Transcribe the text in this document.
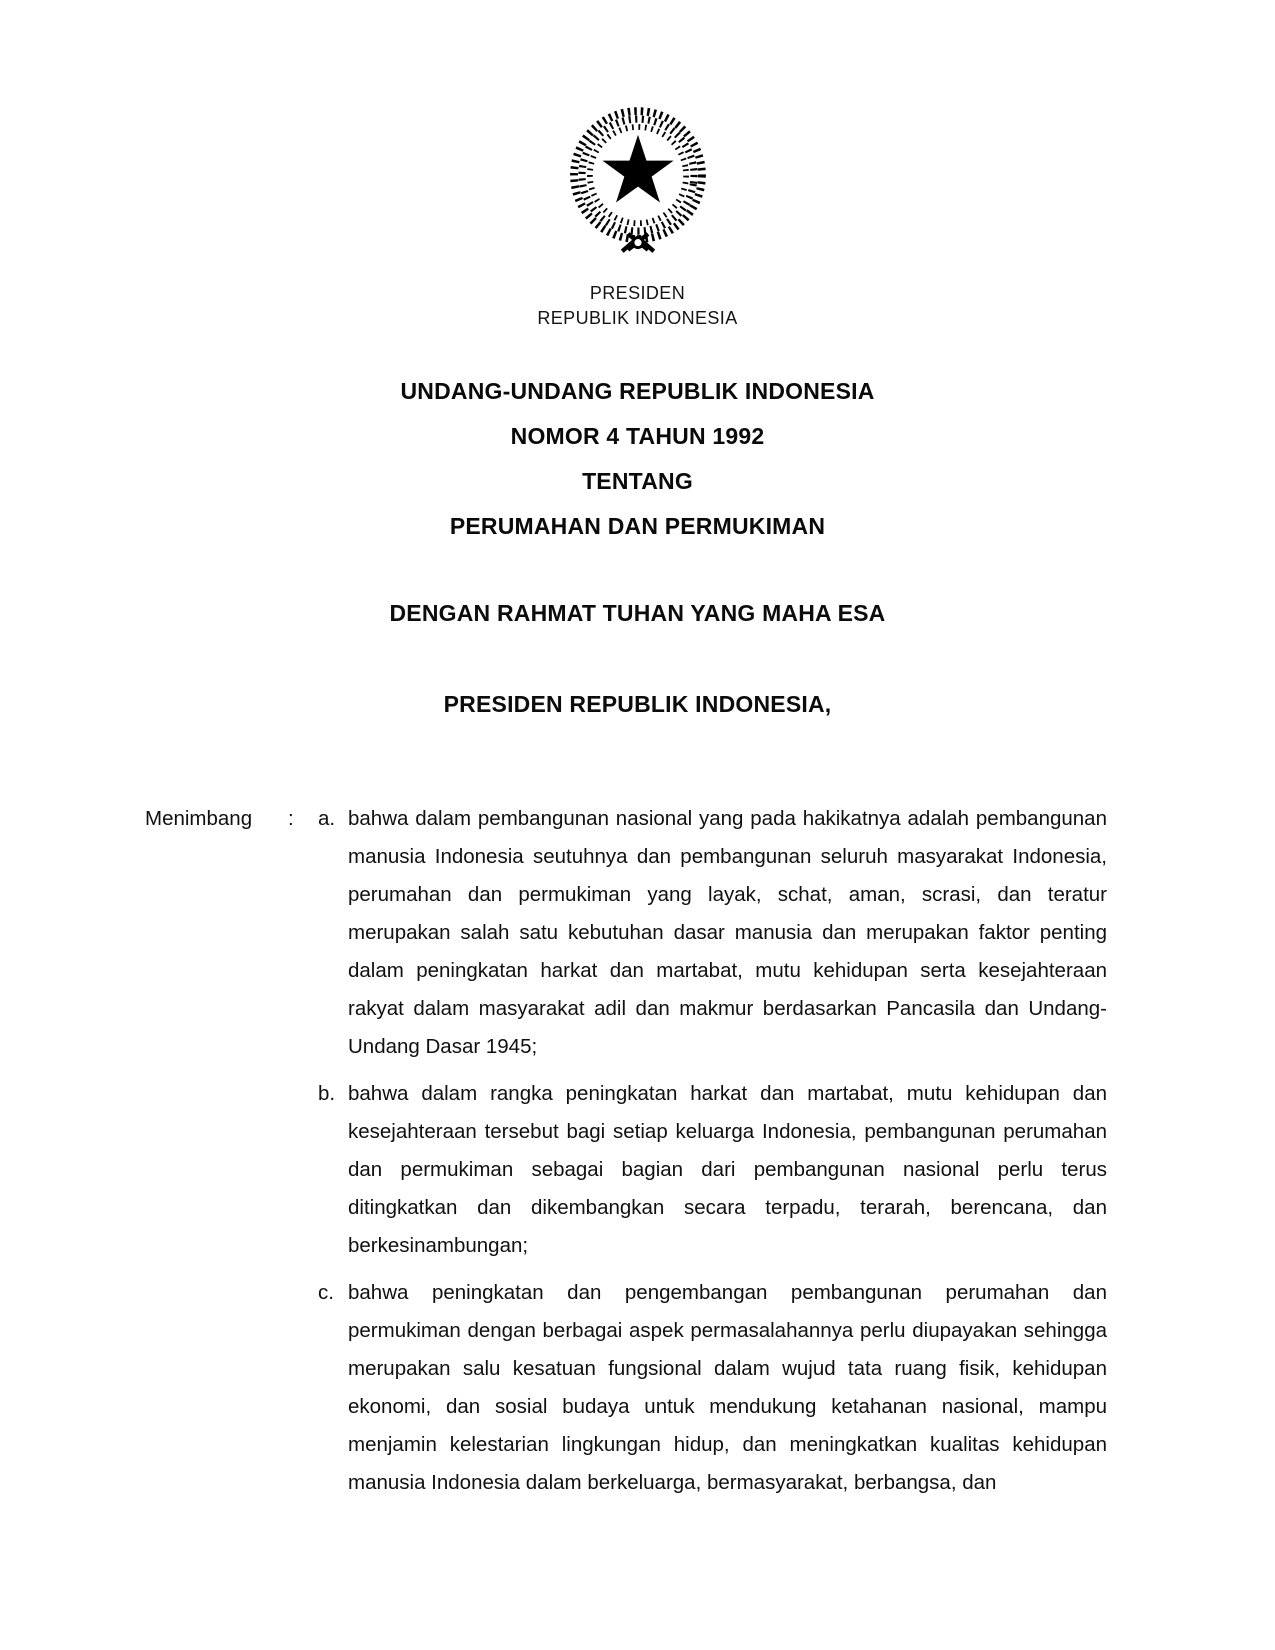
PRESIDEN
REPUBLIK INDONESIA
UNDANG-UNDANG REPUBLIK INDONESIA
NOMOR 4 TAHUN 1992
TENTANG
PERUMAHAN DAN PERMUKIMAN
DENGAN RAHMAT TUHAN YANG MAHA ESA
PRESIDEN REPUBLIK INDONESIA,
Menimbang	:	a. bahwa dalam pembangunan nasional yang pada hakikatnya adalah pembangunan manusia Indonesia seutuhnya dan pembangunan seluruh masyarakat Indonesia, perumahan dan permukiman yang layak, schat, aman, scrasi, dan teratur merupakan salah satu kebutuhan dasar manusia dan merupakan faktor penting dalam peningkatan harkat dan martabat, mutu kehidupan serta kesejahteraan rakyat dalam masyarakat adil dan makmur berdasarkan Pancasila dan Undang-Undang Dasar 1945;
b. bahwa dalam rangka peningkatan harkat dan martabat, mutu kehidupan dan kesejahteraan tersebut bagi setiap keluarga Indonesia, pembangunan perumahan dan permukiman sebagai bagian dari pembangunan nasional perlu terus ditingkatkan dan dikembangkan secara terpadu, terarah, berencana, dan berkesinambungan;
c. bahwa peningkatan dan pengembangan pembangunan perumahan dan permukiman dengan berbagai aspek permasalahannya perlu diupayakan sehingga merupakan salu kesatuan fungsional dalam wujud tata ruang fisik, kehidupan ekonomi, dan sosial budaya untuk mendukung ketahanan nasional, mampu menjamin kelestarian lingkungan hidup, dan meningkatkan kualitas kehidupan manusia Indonesia dalam berkeluarga, bermasyarakat, berbangsa, dan
